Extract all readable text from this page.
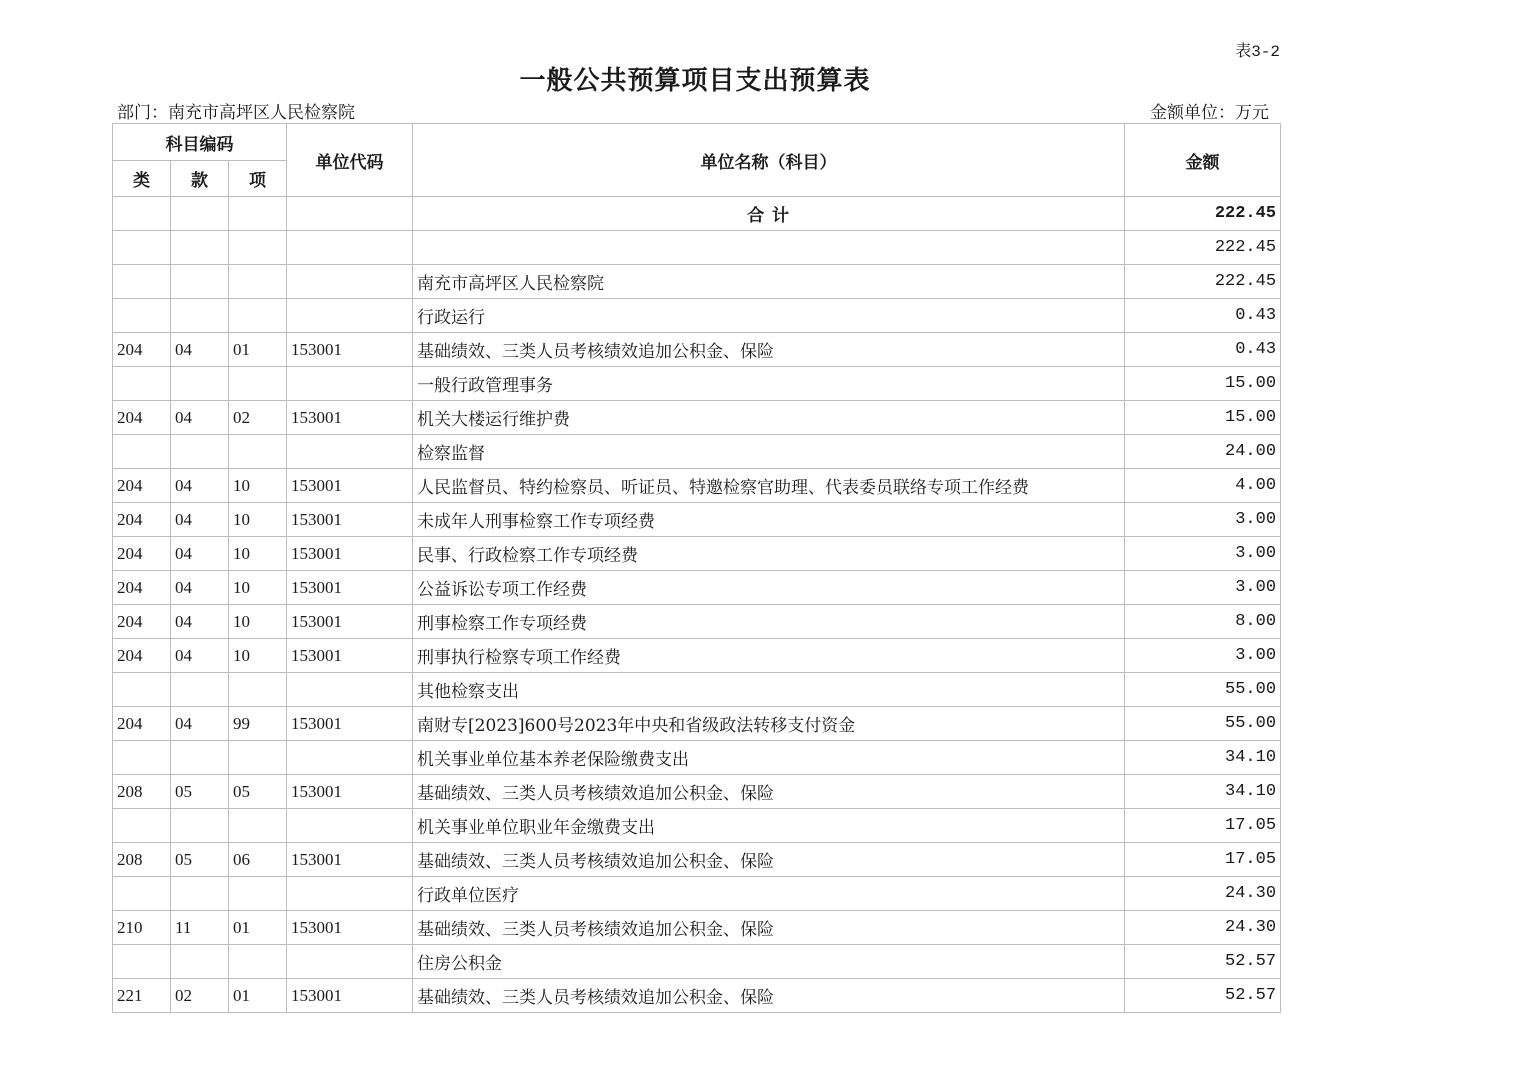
表3-2
一般公共预算项目支出预算表
部门：南充市高坪区人民检察院	金额单位：万元
科目编码			单位代码	单位名称（科目）	金额
类	款	项			
				合 计	222.45
					222.45
				南充市高坪区人民检察院	222.45
				行政运行	0.43
204	04	01	153001	基础绩效、三类人员考核绩效追加公积金、保险	0.43
				一般行政管理事务	15.00
204	04	02	153001	机关大楼运行维护费	15.00
				检察监督	24.00
204	04	10	153001	人民监督员、特约检察员、听证员、特邀检察官助理、代表委员联络专项工作经费	4.00
204	04	10	153001	未成年人刑事检察工作专项经费	3.00
204	04	10	153001	民事、行政检察工作专项经费	3.00
204	04	10	153001	公益诉讼专项工作经费	3.00
204	04	10	153001	刑事检察工作专项经费	8.00
204	04	10	153001	刑事执行检察专项工作经费	3.00
				其他检察支出	55.00
204	04	99	153001	南财专[2023]600号2023年中央和省级政法转移支付资金	55.00
				机关事业单位基本养老保险缴费支出	34.10
208	05	05	153001	基础绩效、三类人员考核绩效追加公积金、保险	34.10
				机关事业单位职业年金缴费支出	17.05
208	05	06	153001	基础绩效、三类人员考核绩效追加公积金、保险	17.05
				行政单位医疗	24.30
210	11	01	153001	基础绩效、三类人员考核绩效追加公积金、保险	24.30
				住房公积金	52.57
221	02	01	153001	基础绩效、三类人员考核绩效追加公积金、保险	52.57
